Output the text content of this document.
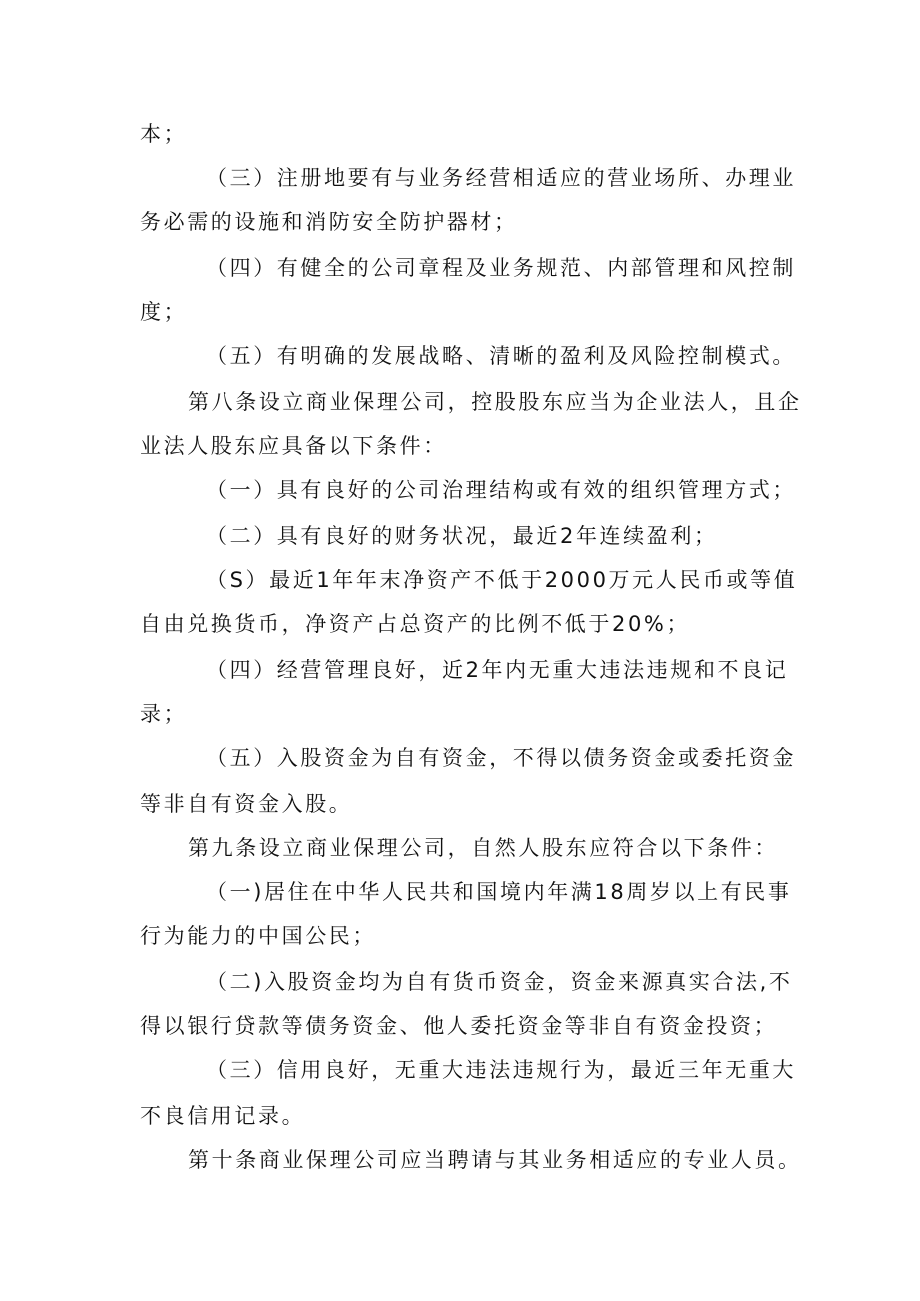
本；
（三）注册地要有与业务经营相适应的营业场所、办理业
务必需的设施和消防安全防护器材；
（四）有健全的公司章程及业务规范、内部管理和风控制
度；
（五）有明确的发展战略、清晰的盈利及风险控制模式。
第八条设立商业保理公司，控股股东应当为企业法人，且企
业法人股东应具备以下条件：
（一）具有良好的公司治理结构或有效的组织管理方式；
（二）具有良好的财务状况，最近2年连续盈利；
（S）最近1年年末净资产不低于2000万元人民币或等值
自由兑换货币，净资产占总资产的比例不低于20%；
（四）经营管理良好，近2年内无重大违法违规和不良记
录；
（五）入股资金为自有资金，不得以债务资金或委托资金
等非自有资金入股。
第九条设立商业保理公司，自然人股东应符合以下条件：
（一)居住在中华人民共和国境内年满18周岁以上有民事
行为能力的中国公民；
（二)入股资金均为自有货币资金，资金来源真实合法,不
得以银行贷款等债务资金、他人委托资金等非自有资金投资；
（三）信用良好，无重大违法违规行为，最近三年无重大
不良信用记录。
第十条商业保理公司应当聘请与其业务相适应的专业人员。
